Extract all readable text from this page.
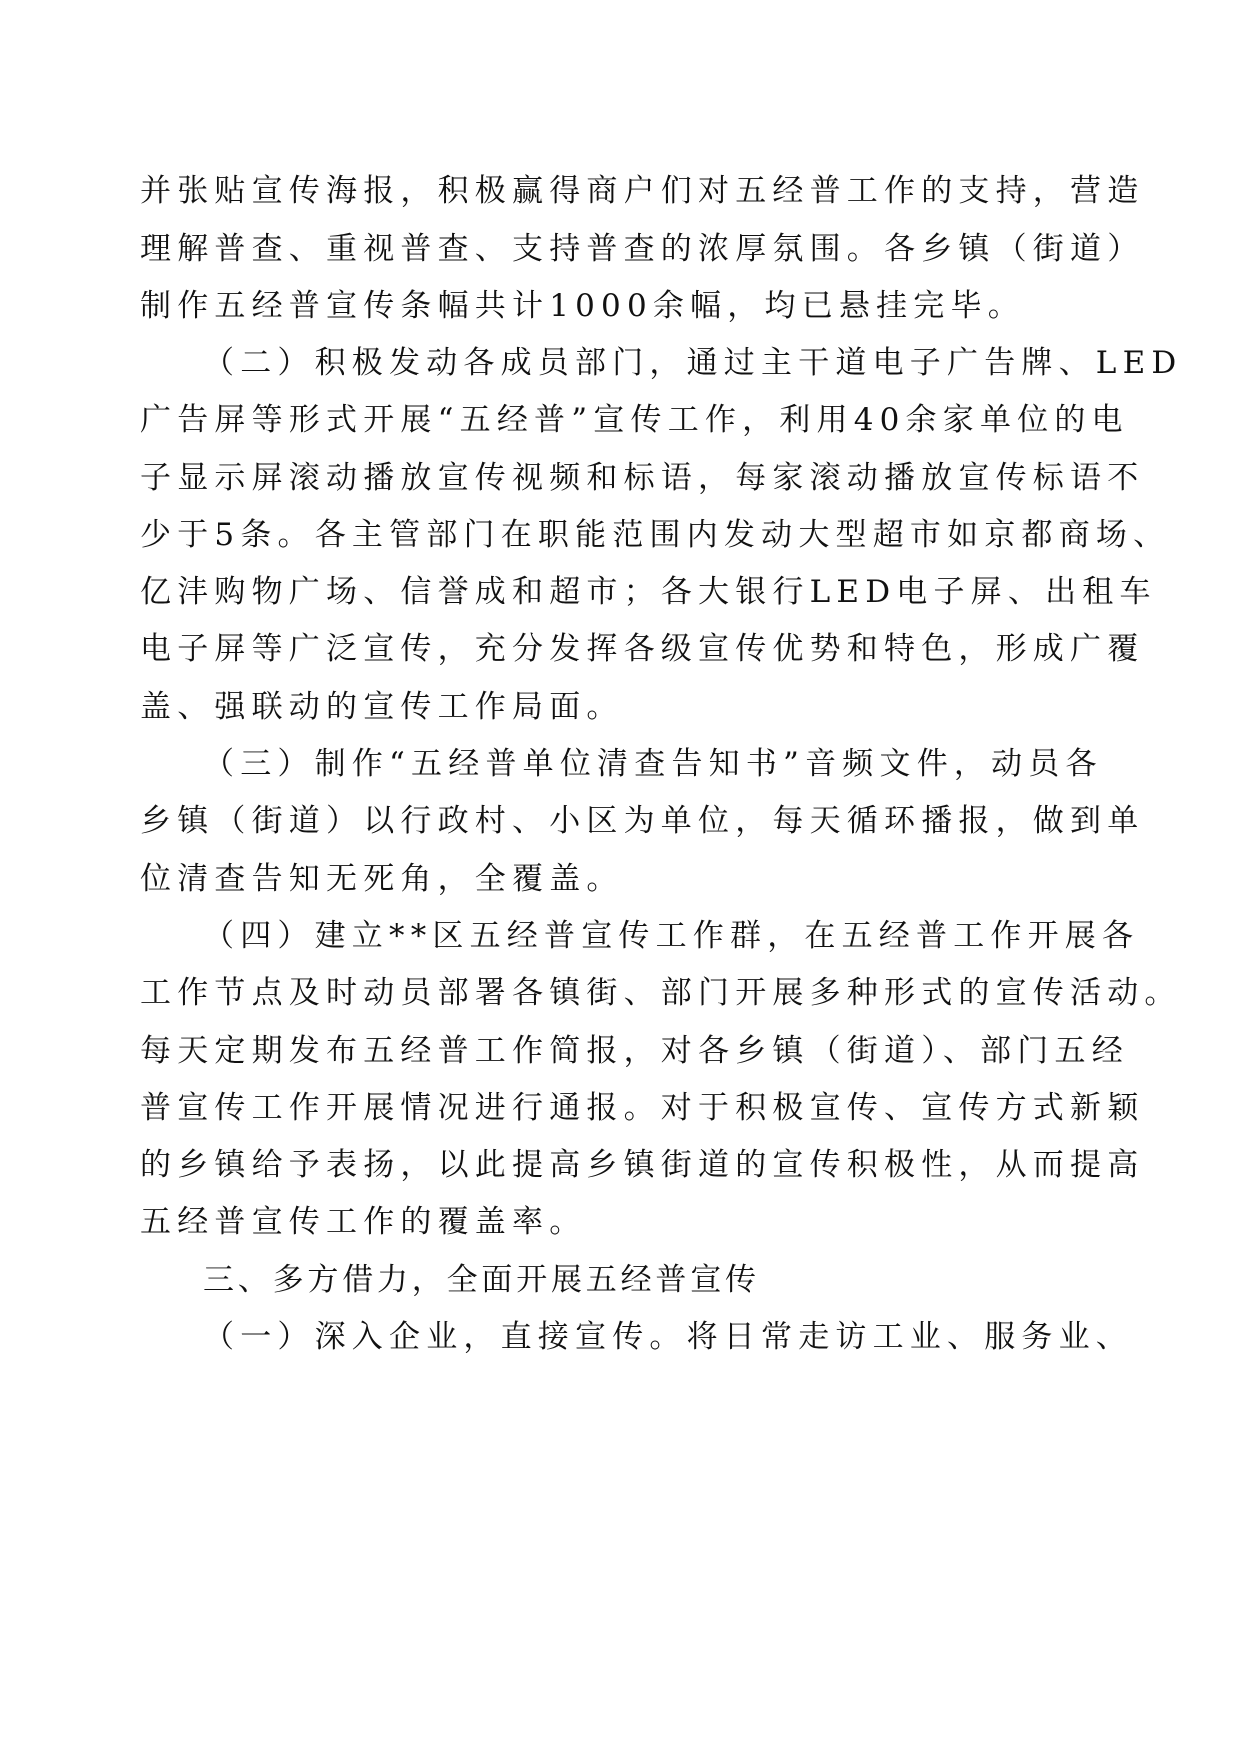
并张贴宣传海报，积极赢得商户们对五经普工作的支持，营造
理解普查、重视普查、支持普查的浓厚氛围。各乡镇（街道）
制作五经普宣传条幅共计1000余幅，均已悬挂完毕。
（二）积极发动各成员部门，通过主干道电子广告牌、LED
广告屏等形式开展“五经普”宣传工作，利用40余家单位的电
子显示屏滚动播放宣传视频和标语，每家滚动播放宣传标语不
少于5条。各主管部门在职能范围内发动大型超市如京都商场、
亿沣购物广场、信誉成和超市；各大银行LED电子屏、出租车
电子屏等广泛宣传，充分发挥各级宣传优势和特色，形成广覆
盖、强联动的宣传工作局面。
（三）制作“五经普单位清查告知书”音频文件，动员各
乡镇（街道）以行政村、小区为单位，每天循环播报，做到单
位清查告知无死角，全覆盖。
（四）建立**区五经普宣传工作群，在五经普工作开展各
工作节点及时动员部署各镇街、部门开展多种形式的宣传活动。
每天定期发布五经普工作简报，对各乡镇（街道）、部门五经
普宣传工作开展情况进行通报。对于积极宣传、宣传方式新颖
的乡镇给予表扬，以此提高乡镇街道的宣传积极性，从而提高
五经普宣传工作的覆盖率。
三、多方借力，全面开展五经普宣传
（一）深入企业，直接宣传。将日常走访工业、服务业、
